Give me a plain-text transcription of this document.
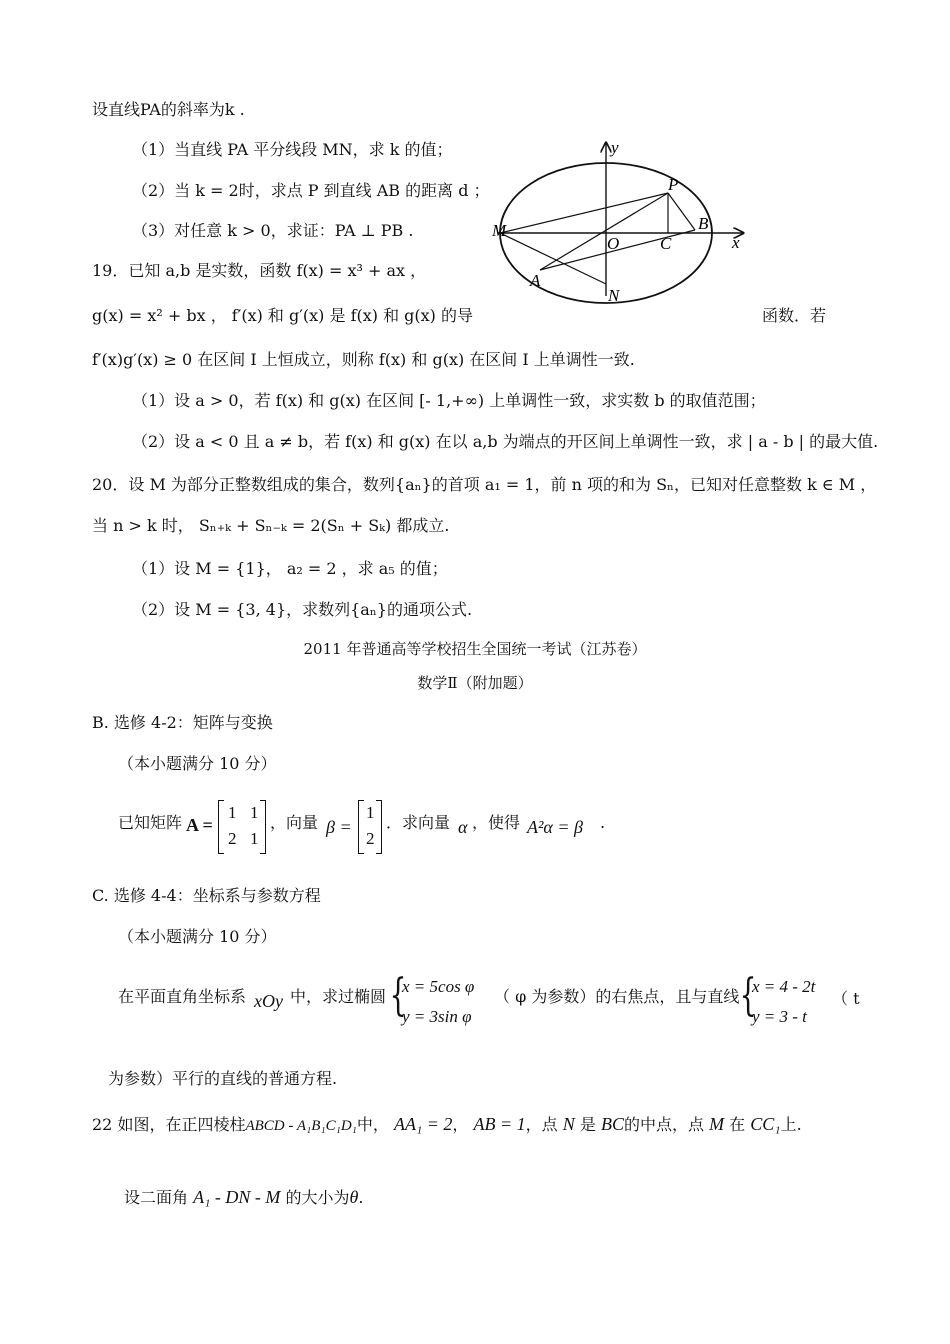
设直线PA的斜率为k .
（1）当直线 PA 平分线段 MN，求 k 的值；
（2）当 k = 2时，求点 P 到直线 AB 的距离 d ；
（3）对任意 k > 0，求证：PA ⊥ PB .
y
x
M
O C
B
P
A
N
19．已知 a,b 是实数，函数 f(x) = x³ + ax ，
g(x) = x² + bx ， f′(x) 和 g′(x) 是 f(x) 和 g(x) 的导	函数．若
f′(x)g′(x) ≥ 0 在区间 I 上恒成立，则称 f(x) 和 g(x) 在区间 I 上单调性一致.
（1）设 a > 0，若 f(x) 和 g(x) 在区间 [- 1,+∞) 上单调性一致，求实数 b 的取值范围；
（2）设 a < 0 且 a ≠ b，若 f(x) 和 g(x) 在以 a,b 为端点的开区间上单调性一致，求 | a - b | 的最大值.
20．设 M 为部分正整数组成的集合，数列{aₙ}的首项 a₁ = 1，前 n 项的和为 Sₙ，已知对任意整数 k ∈ M ，
当 n > k 时， Sₙ₊ₖ + Sₙ₋ₖ = 2(Sₙ + Sₖ) 都成立.
（1）设 M = {1}， a₂ = 2 ，求 a₅ 的值；
（2）设 M = {3, 4}，求数列{aₙ}的通项公式.
2011 年普通高等学校招生全国统一考试（江苏卷）
数学Ⅱ（附加题）
B. 选修 4-2：矩阵与变换
（本小题满分 10 分）
已知矩阵 A =
1 1
2 1
，向量 β =
1
2
．求向量 α ，使得 A²α = β .
C. 选修 4-4：坐标系与参数方程
（本小题满分 10 分）
在平面直角坐标系 xOy 中，求过椭圆 {
x = 5cos φ
y = 3sin φ
（ φ 为参数）的右焦点，且与直线 {
x = 4 - 2t
y = 3 - t
（ t
为参数）平行的直线的普通方程.
22 如图，在正四棱柱ABCD - A₁B₁C₁D₁中， AA₁ = 2， AB = 1，点 N 是 BC的中点，点 M 在 CC₁上.
设二面角 A₁ - DN - M 的大小为θ.
